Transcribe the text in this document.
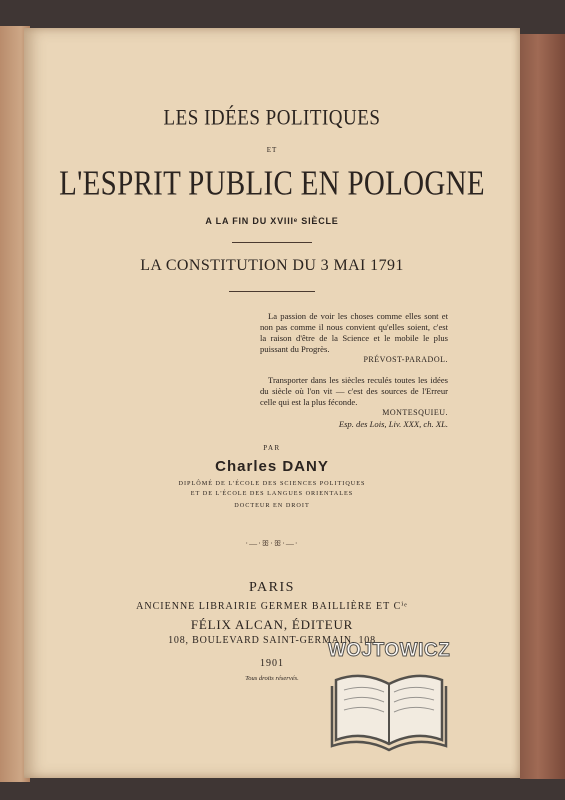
LES IDÉES POLITIQUES
ET
L'ESPRIT PUBLIC EN POLOGNE
A LA FIN DU XVIIIᵉ SIÈCLE
LA CONSTITUTION DU 3 MAI 1791

La passion de voir les choses comme elles sont et non pas comme il nous convient qu'elles soient, c'est la raison d'être de la Science et le mobile le plus puissant du Progrès.

PRÉVOST-PARADOL.

Transporter dans les siècles reculés toutes les idées du siècle où l'on vit — c'est des sources de l'Erreur celle qui est la plus féconde.

MONTESQUIEU.
Esp. des Lois, Liv. XXX, ch. XL.
PAR
Charles DANY
DIPLÔMÉ DE L'ÉCOLE DES SCIENCES POLITIQUES
ET DE L'ÉCOLE DES LANGUES ORIENTALES
DOCTEUR EN DROIT
·—·ꕥ·ꕥ·—·
PARIS
ANCIENNE LIBRAIRIE GERMER BAILLIÈRE ET Cⁱᵉ
FÉLIX ALCAN, ÉDITEUR
108, BOULEVARD SAINT-GERMAIN, 108
1901
Tous droits réservés.
WOJTOWICZ
